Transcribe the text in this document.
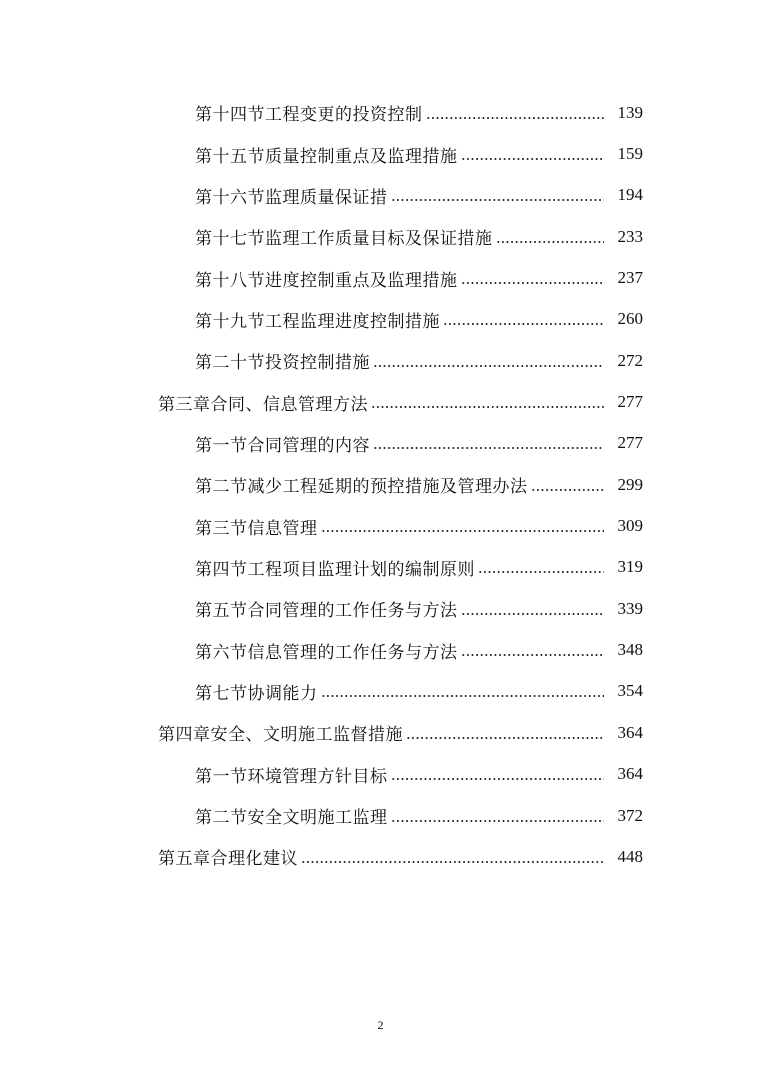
第十四节工程变更的投资控制	139
第十五节质量控制重点及监理措施	159
第十六节监理质量保证措	194
第十七节监理工作质量目标及保证措施	233
第十八节进度控制重点及监理措施	237
第十九节工程监理进度控制措施	260
第二十节投资控制措施	272
第三章合同、信息管理方法	277
第一节合同管理的内容	277
第二节减少工程延期的预控措施及管理办法	299
第三节信息管理	309
第四节工程项目监理计划的编制原则	319
第五节合同管理的工作任务与方法	339
第六节信息管理的工作任务与方法	348
第七节协调能力	354
第四章安全、文明施工监督措施	364
第一节环境管理方针目标	364
第二节安全文明施工监理	372
第五章合理化建议	448
2
